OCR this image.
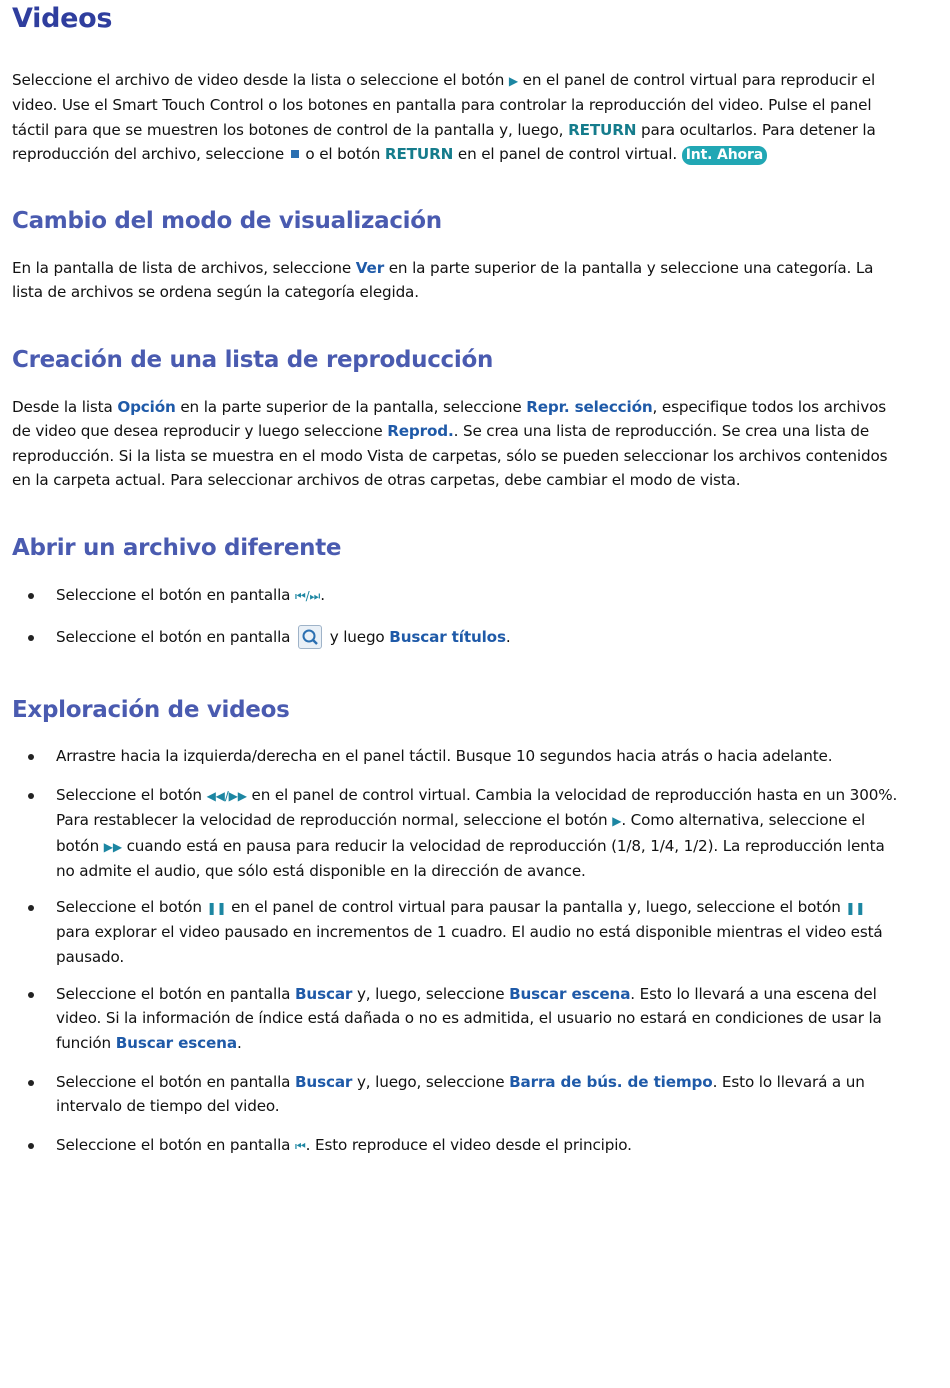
Videos

Seleccione el archivo de video desde la lista o seleccione el botón ▶ en el panel de control virtual para reproducir el video. Use el Smart Touch Control o los botones en pantalla para controlar la reproducción del video. Pulse el panel táctil para que se muestren los botones de control de la pantalla y, luego, RETURN para ocultarlos. Para detener la reproducción del archivo, seleccione o el botón RETURN en el panel de control virtual. Int. Ahora

Cambio del modo de visualización

En la pantalla de lista de archivos, seleccione Ver en la parte superior de la pantalla y seleccione una categoría. La lista de archivos se ordena según la categoría elegida.

Creación de una lista de reproducción

Desde la lista Opción en la parte superior de la pantalla, seleccione Repr. selección, especifique todos los archivos de video que desea reproducir y luego seleccione Reprod.. Se crea una lista de reproducción. Se crea una lista de reproducción. Si la lista se muestra en el modo Vista de carpetas, sólo se pueden seleccionar los archivos contenidos en la carpeta actual. Para seleccionar archivos de otras carpetas, debe cambiar el modo de vista.

Abrir un archivo diferente
Seleccione el botón en pantalla ⏮/⏭.
Seleccione el botón en pantalla	y luego Buscar títulos.
Exploración de videos
Arrastre hacia la izquierda/derecha en el panel táctil. Busque 10 segundos hacia atrás o hacia adelante.
Seleccione el botón ◀◀/▶▶ en el panel de control virtual. Cambia la velocidad de reproducción hasta en un 300%. Para restablecer la velocidad de reproducción normal, seleccione el botón ▶. Como alternativa, seleccione el botón ▶▶ cuando está en pausa para reducir la velocidad de reproducción (1/8, 1/4, 1/2). La reproducción lenta no admite el audio, que sólo está disponible en la dirección de avance.
Seleccione el botón ❚❚ en el panel de control virtual para pausar la pantalla y, luego, seleccione el botón ❚❚ para explorar el video pausado en incrementos de 1 cuadro. El audio no está disponible mientras el video está pausado.
Seleccione el botón en pantalla Buscar y, luego, seleccione Buscar escena. Esto lo llevará a una escena del video. Si la información de índice está dañada o no es admitida, el usuario no estará en condiciones de usar la función Buscar escena.
Seleccione el botón en pantalla Buscar y, luego, seleccione Barra de bús. de tiempo. Esto lo llevará a un intervalo de tiempo del video.
Seleccione el botón en pantalla ⏮. Esto reproduce el video desde el principio.
